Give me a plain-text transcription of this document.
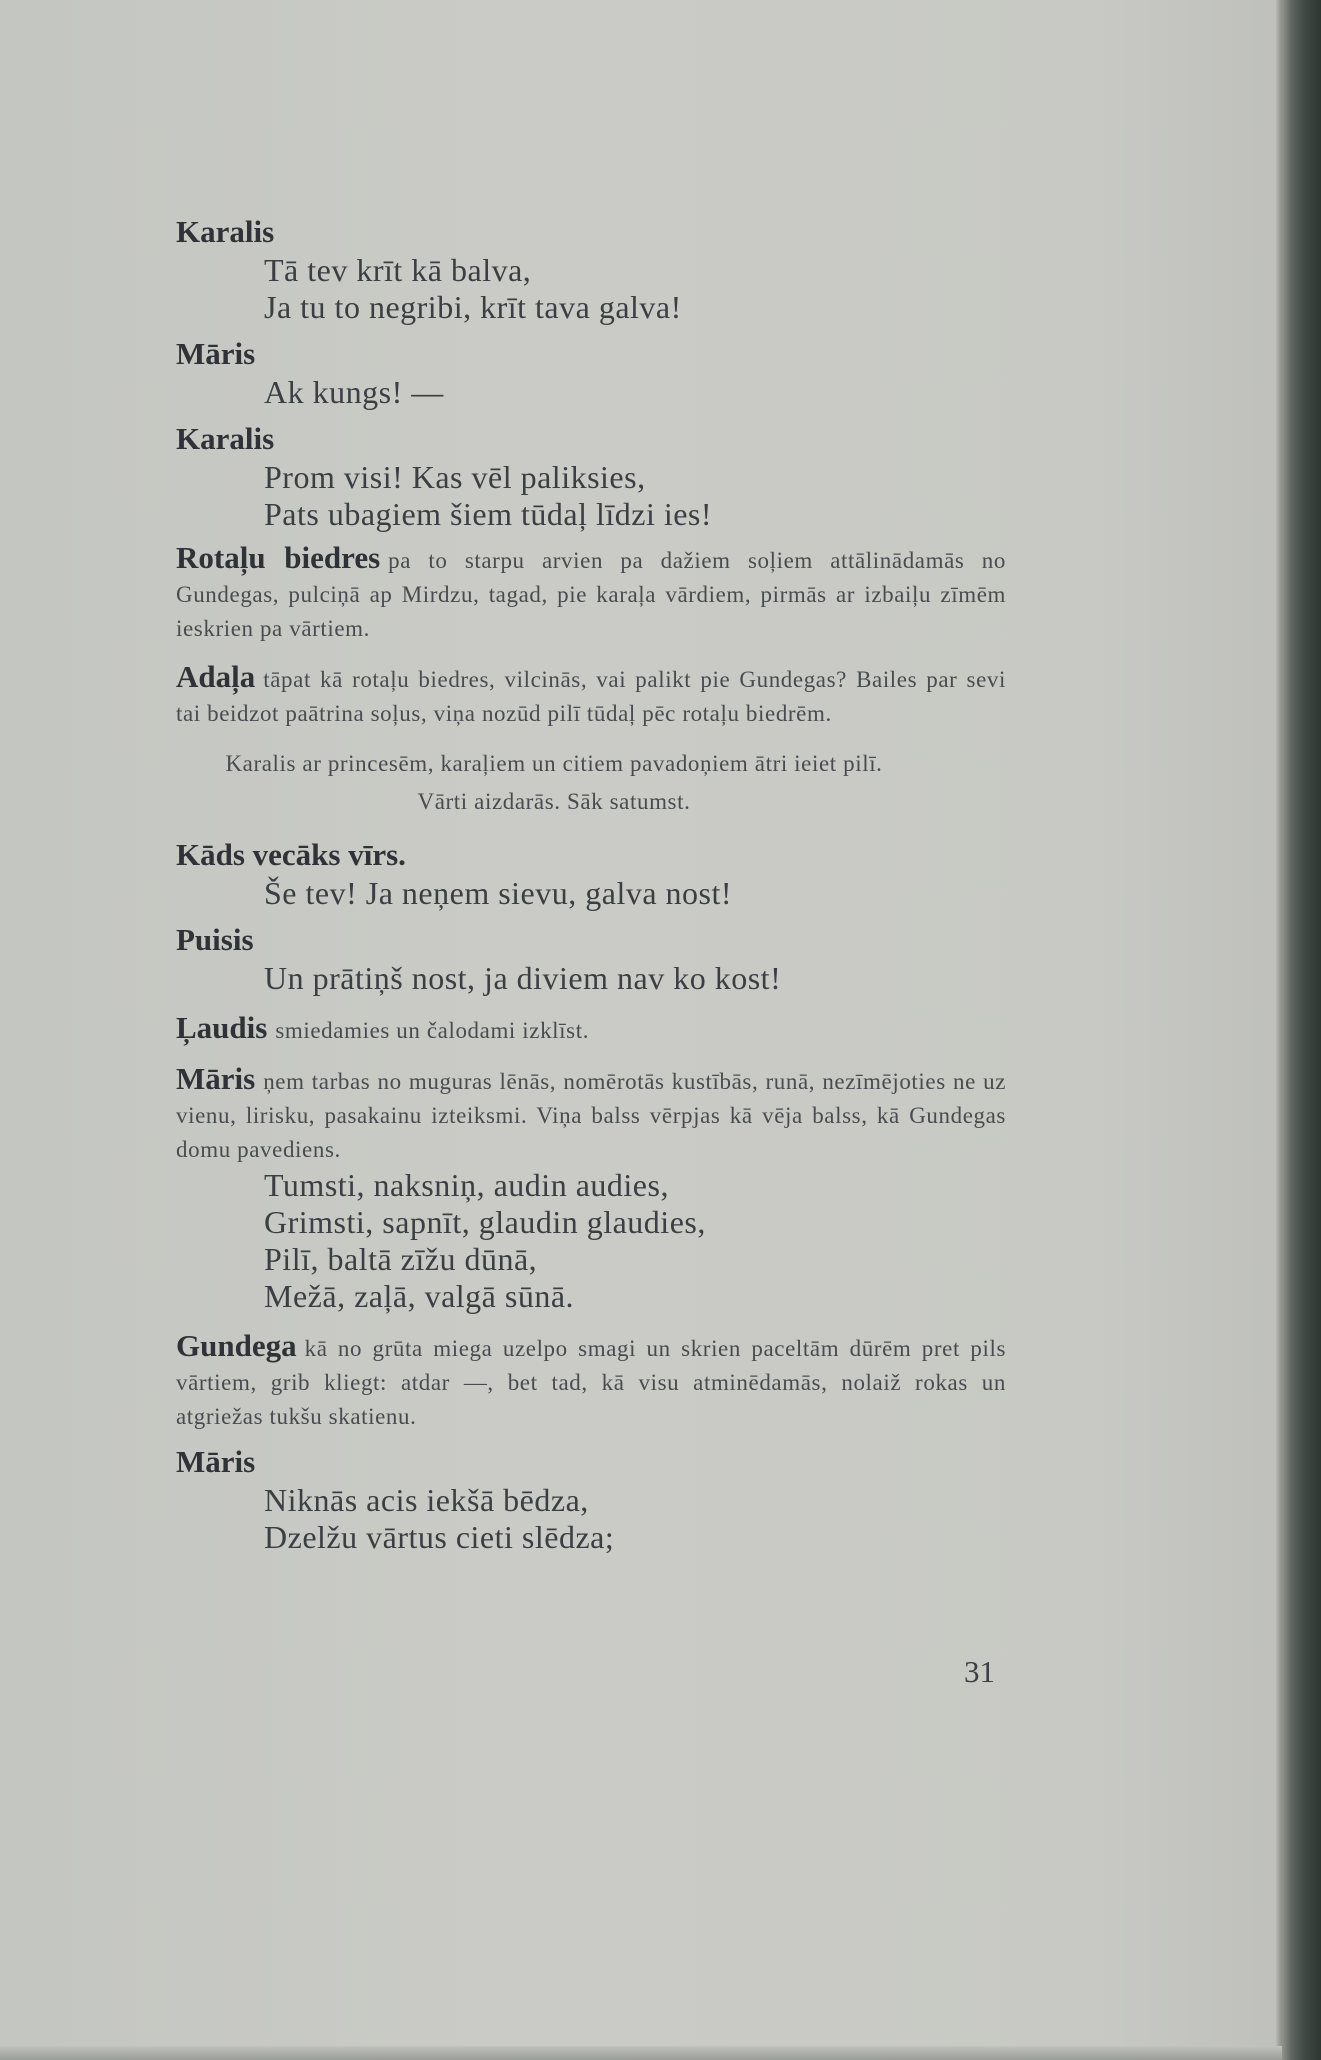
Karalis

Tā tev krīt kā balva,

Ja tu to negribi, krīt tava galva!

Māris

Ak kungs! —

Karalis

Prom visi! Kas vēl paliksies,

Pats ubagiem šiem tūdaļ līdzi ies!

Rotaļu biedres pa to starpu arvien pa dažiem soļiem attālinādamās no Gundegas, pulciņā ap Mirdzu, tagad, pie karaļa vārdiem, pirmās ar izbaiļu zīmēm ieskrien pa vārtiem.

Adaļa tāpat kā rotaļu biedres, vilcinās, vai palikt pie Gundegas? Bailes par sevi tai beidzot paātrina soļus, viņa nozūd pilī tūdaļ pēc rotaļu biedrēm.

Karalis ar princesēm, karaļiem un citiem pavadoņiem ātri ieiet pilī.

Vārti aizdarās. Sāk satumst.

Kāds vecāks vīrs.

Še tev! Ja neņem sievu, galva nost!

Puisis

Un prātiņš nost, ja diviem nav ko kost!

Ļaudis smiedamies un čalodami izklīst.

Māris ņem tarbas no muguras lēnās, nomērotās kustībās, runā, nezīmējoties ne uz vienu, lirisku, pasakainu izteiksmi. Viņa balss vērpjas kā vēja balss, kā Gundegas domu pavediens.

Tumsti, naksniņ, audin audies,

Grimsti, sapnīt, glaudin glaudies,

Pilī, baltā zīžu dūnā,

Mežā, zaļā, valgā sūnā.

Gundega kā no grūta miega uzelpo smagi un skrien paceltām dūrēm pret pils vārtiem, grib kliegt: atdar —, bet tad, kā visu atminēdamās, nolaiž rokas un atgriežas tukšu skatienu.

Māris

Niknās acis iekšā bēdza,

Dzelžu vārtus cieti slēdza;

31
